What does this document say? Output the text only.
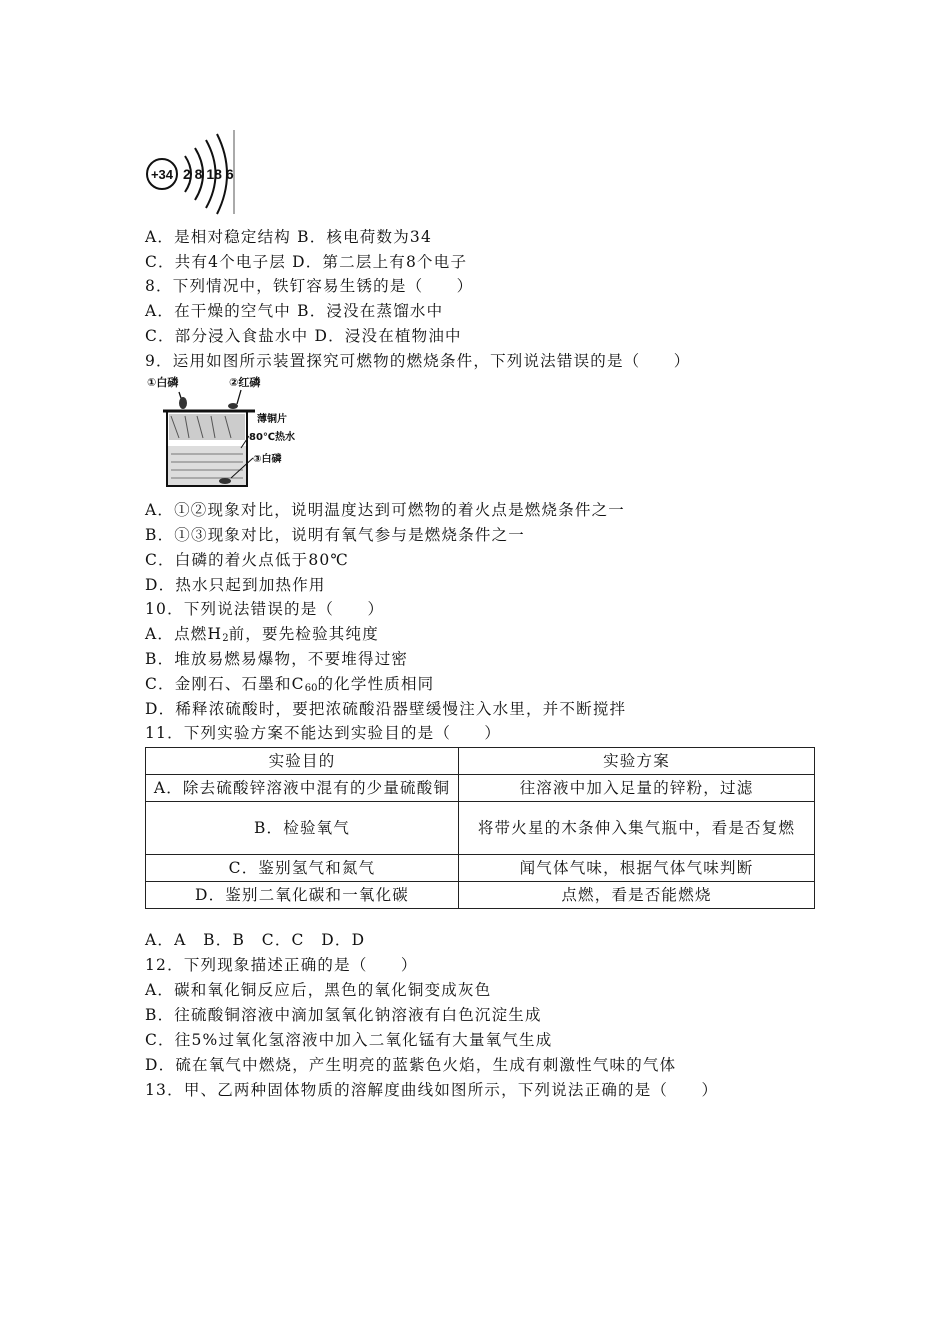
+34 2 8 18 6
A．是相对稳定结构 B．核电荷数为34
C．共有4个电子层 D．第二层上有8个电子
8．下列情况中，铁钉容易生锈的是（　　）
A．在干燥的空气中 B．浸没在蒸馏水中
C．部分浸入食盐水中 D．浸没在植物油中
9．运用如图所示装置探究可燃物的燃烧条件，下列说法错误的是（　　）
①白磷	②红磷
薄铜片
80℃热水
③白磷
A．①②现象对比，说明温度达到可燃物的着火点是燃烧条件之一
B．①③现象对比，说明有氧气参与是燃烧条件之一
C．白磷的着火点低于80℃
D．热水只起到加热作用
10．下列说法错误的是（　　）
A．点燃$H_2$前，要先检验其纯度
B．堆放易燃易爆物，不要堆得过密
C．金刚石、石墨和$C_{60}$的化学性质相同
D．稀释浓硫酸时，要把浓硫酸沿器壁缓慢注入水里，并不断搅拌
11．下列实验方案不能达到实验目的是（　　）
实验目的	实验方案
A．除去硫酸锌溶液中混有的少量硫酸铜	往溶液中加入足量的锌粉，过滤
B．检验氧气	将带火星的木条伸入集气瓶中，看是否复燃
C．鉴别氢气和氮气	闻气体气味，根据气体气味判断
D．鉴别二氧化碳和一氧化碳	点燃，看是否能燃烧
A．A　B．B　C．C　D．D
12．下列现象描述正确的是（　　）
A．碳和氧化铜反应后，黑色的氧化铜变成灰色
B．往硫酸铜溶液中滴加氢氧化钠溶液有白色沉淀生成
C．往5%过氧化氢溶液中加入二氧化锰有大量氧气生成
D．硫在氧气中燃烧，产生明亮的蓝紫色火焰，生成有刺激性气味的气体
13．甲、乙两种固体物质的溶解度曲线如图所示，下列说法正确的是（　　）
